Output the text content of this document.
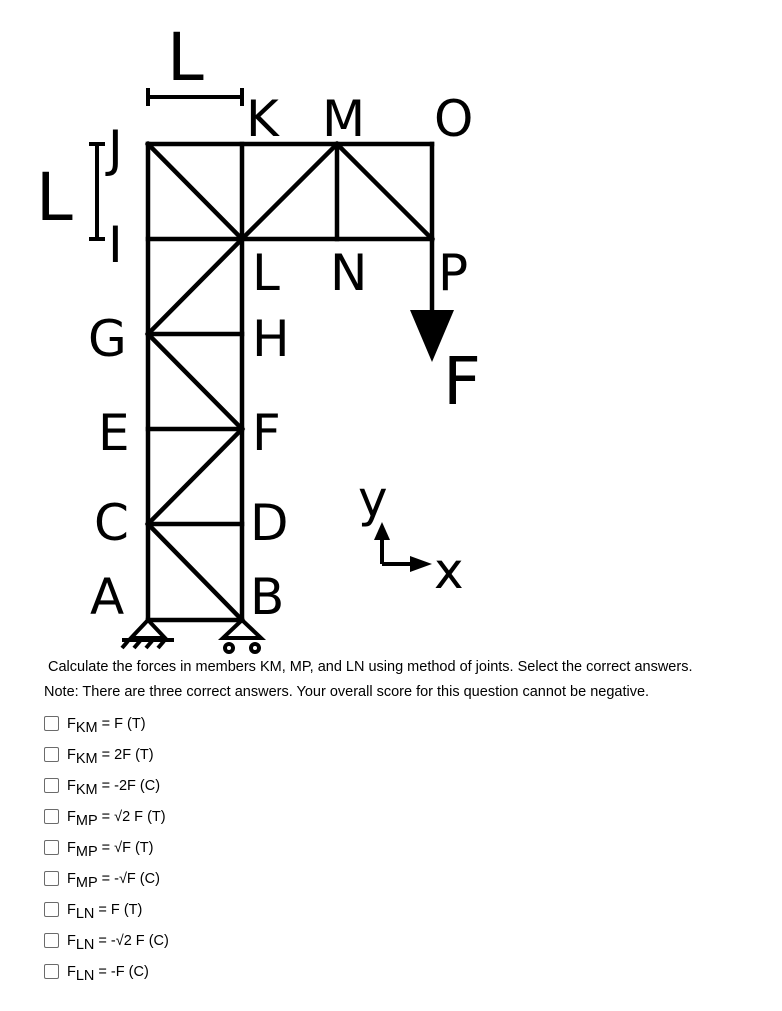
L
L
F
y
x
A	B
C D
E F
G	H
I
J
K
L
M
N
O
P

Calculate the forces in members KM, MP, and LN using method of joints. Select the correct answers.

Note: There are three correct answers. Your overall score for this question cannot be negative.

$F_{KM} = F$ (T)
$F_{KM} = 2F$ (T)
$F_{KM} = -2F$ (C)
$F_{MP} = √2$ F (T)
$F_{MP} = √F$ (T)
$F_{MP} = -√F$ (C)
$F_{LN} = F$ (T)
$F_{LN} = -√2$ F (C)
$F_{LN} = -F$ (C)
